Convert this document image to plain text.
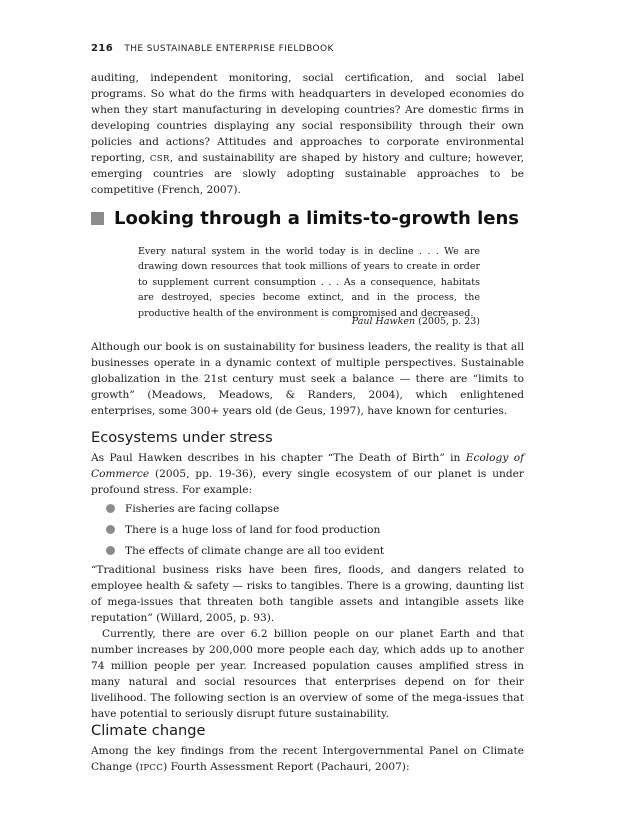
216 THE SUSTAINABLE ENTERPRISE FIELDBOOK

auditing, independent monitoring, social certification, and social label programs. So what do the firms with headquarters in developed economies do when they start manufacturing in developing countries? Are domestic firms in developing countries displaying any social responsibility through their own policies and actions? Attitudes and approaches to corporate environmental reporting, CSR, and sustainability are shaped by history and culture; however, emerging countries are slowly adopting sustainable approaches to be competitive (French, 2007).

Looking through a limits-to-growth lens
Every natural system in the world today is in decline . . . We are drawing down resources that took millions of years to create in order to supplement current consumption . . . As a consequence, habitats are destroyed, species become extinct, and in the process, the productive health of the environment is compromised and decreased.
Paul Hawken (2005, p. 23)

Although our book is on sustainability for business leaders, the reality is that all businesses operate in a dynamic context of multiple perspectives. Sustainable globalization in the 21st century must seek a balance — there are “limits to growth” (Meadows, Meadows, & Randers, 2004), which enlightened enterprises, some 300+ years old (de Geus, 1997), have known for centuries.

Ecosystems under stress

As Paul Hawken describes in his chapter “The Death of Birth” in Ecology of Commerce (2005, pp. 19-36), every single ecosystem of our planet is under profound stress. For example:

Fisheries are facing collapse
There is a huge loss of land for food production
The effects of climate change are all too evident

“Traditional business risks have been fires, floods, and dangers related to employee health & safety — risks to tangibles. There is a growing, daunting list of mega-issues that threaten both tangible assets and intangible assets like reputation” (Willard, 2005, p. 93).

Currently, there are over 6.2 billion people on our planet Earth and that number increases by 200,000 more people each day, which adds up to another 74 million people per year. Increased population causes amplified stress in many natural and social resources that enterprises depend on for their livelihood. The following section is an overview of some of the mega-issues that have potential to seriously disrupt future sustainability.

Climate change

Among the key findings from the recent Intergovernmental Panel on Climate Change (IPCC) Fourth Assessment Report (Pachauri, 2007):
